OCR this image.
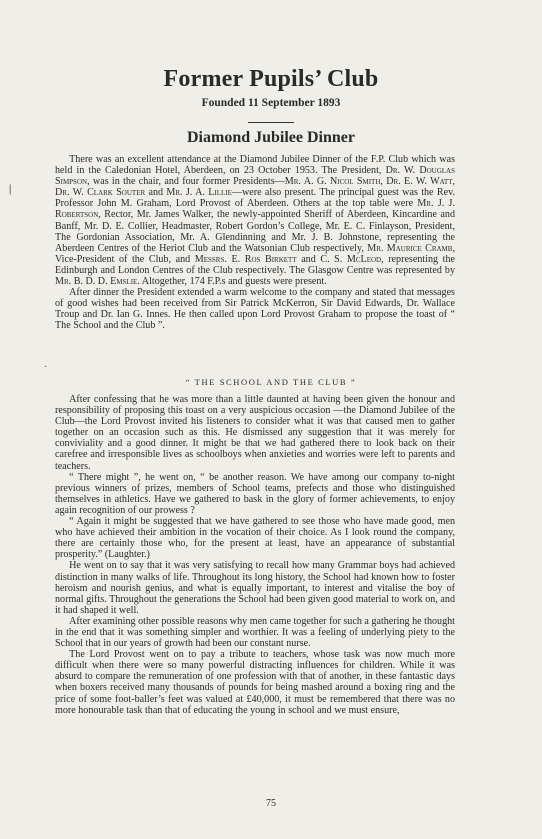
Former Pupils’ Club
Founded 11 September 1893
Diamond Jubilee Dinner

There was an excellent attendance at the Diamond Jubilee Dinner of the F.P. Club which was held in the Caledonian Hotel, Aberdeen, on 23 October 1953. The President, Dr. W. Douglas Simpson, was in the chair, and four former Presidents—Mr. A. G. Nicol Smith, Dr. E. W. Watt, Dr. W. Clark Souter and Mr. J. A. Lillie—were also present. The principal guest was the Rev. Professor John M. Graham, Lord Provost of Aberdeen. Others at the top table were Mr. J. J. Robertson, Rector, Mr. James Walker, the newly-appointed Sheriff of Aberdeen, Kincardine and Banff, Mr. D. E. Collier, Headmaster, Robert Gordon’s College, Mr. E. C. Finlayson, President, The Gordonian Association, Mr. A. Glendinning and Mr. J. B. Johnstone, representing the Aberdeen Centres of the Heriot Club and the Watsonian Club respectively, Mr. Maurice Cramb, Vice-President of the Club, and Messrs. E. Ros Birkett and C. S. McLeod, representing the Edinburgh and London Centres of the Club respectively. The Glasgow Centre was represented by Mr. B. D. D. Emslie. Altogether, 174 F.P.s and guests were present.

After dinner the President extended a warm welcome to the company and stated that messages of good wishes had been received from Sir Patrick McKerron, Sir David Edwards, Dr. Wallace Troup and Dr. Ian G. Innes. He then called upon Lord Provost Graham to propose the toast of “ The School and the Club ”.

❘
·
“ THE SCHOOL AND THE CLUB ”

After confessing that he was more than a little daunted at having been given the honour and responsibility of proposing this toast on a very auspicious occasion —the Diamond Jubilee of the Club—the Lord Provost invited his listeners to consider what it was that caused men to gather together on an occasion such as this. He dismissed any suggestion that it was merely for conviviality and a good dinner. It might be that we had gathered there to look back on their carefree and irresponsible lives as schoolboys when anxieties and worries were left to parents and teachers.

“ There might ”, he went on, “ be another reason. We have among our company to-night previous winners of prizes, members of School teams, prefects and those who distinguished themselves in athletics. Have we gathered to bask in the glory of former achievements, to enjoy again recognition of our prowess ?

“ Again it might be suggested that we have gathered to see those who have made good, men who have achieved their ambition in the vocation of their choice. As I look round the company, there are certainly those who, for the present at least, have an appearance of substantial prosperity.” (Laughter.)

He went on to say that it was very satisfying to recall how many Grammar boys had achieved distinction in many walks of life. Throughout its long history, the School had known how to foster heroism and nourish genius, and what is equally important, to interest and vitalise the boy of normal gifts. Throughout the generations the School had been given good material to work on, and it had shaped it well.

After examining other possible reasons why men came together for such a gathering he thought in the end that it was something simpler and worthier. It was a feeling of underlying piety to the School that in our years of growth had been our constant nurse.

The Lord Provost went on to pay a tribute to teachers, whose task was now much more difficult when there were so many powerful distracting influences for children. While it was absurd to compare the remuneration of one profession with that of another, in these fantastic days when boxers received many thousands of pounds for being mashed around a boxing ring and the price of some foot-baller’s feet was valued at £40,000, it must be remembered that there was no more honourable task than that of educating the young in school and we must ensure,

75
